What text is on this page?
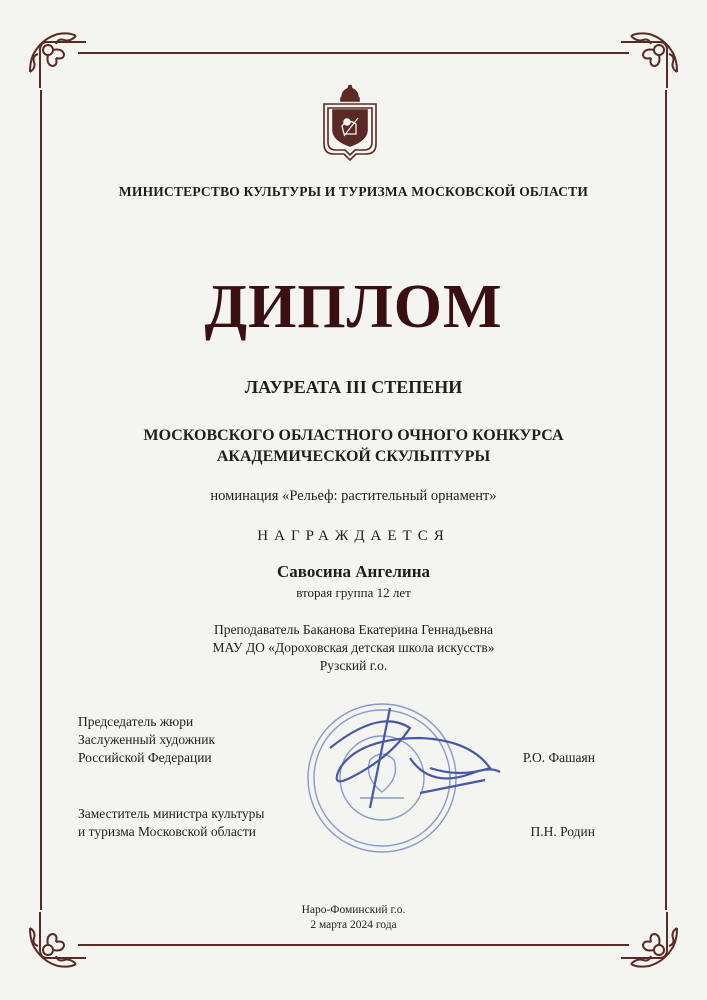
МИНИСТЕРСТВО КУЛЬТУРЫ И ТУРИЗМА МОСКОВСКОЙ ОБЛАСТИ
ДИПЛОМ
ЛАУРЕАТА III СТЕПЕНИ
МОСКОВСКОГО ОБЛАСТНОГО ОЧНОГО КОНКУРСА
АКАДЕМИЧЕСКОЙ СКУЛЬПТУРЫ
номинация «Рельеф: растительный орнамент»
НАГРАЖДАЕТСЯ
Савосина Ангелина
вторая группа 12 лет
Преподаватель Баканова Екатерина Геннадьевна
МАУ ДО «Дороховская детская школа искусств»
Рузский г.о.
Председатель жюри
Заслуженный художник
Российской Федерации	Р.О. Фашаян
Заместитель министра культуры
и туризма Московской области	П.Н. Родин
Наро-Фоминский г.о.
2 марта 2024 года
